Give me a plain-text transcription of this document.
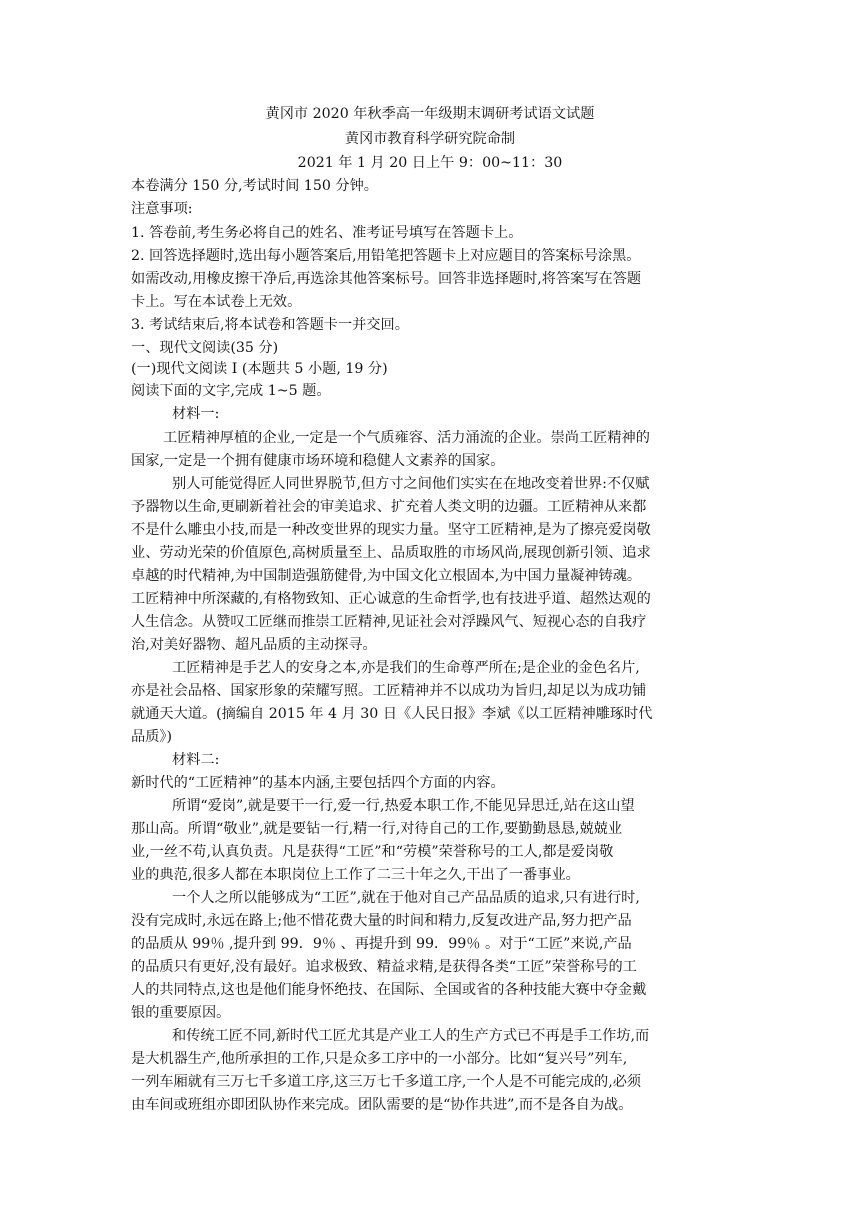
黄冈市 2020 年秋季高一年级期末调研考试语文试题
黄冈市教育科学研究院命制
2021 年 1 月 20 日上午 9：00~11：30
本卷满分 150 分,考试时间 150 分钟。
注意事项:
1. 答卷前,考生务必将自己的姓名、准考证号填写在答题卡上。
2. 回答选择题时,选出每小题答案后,用铅笔把答题卡上对应题目的答案标号涂黑。
如需改动,用橡皮擦干净后,再选涂其他答案标号。回答非选择题时,将答案写在答题
卡上。写在本试卷上无效。
3. 考试结束后,将本试卷和答题卡一并交回。
一、现代文阅读(35 分)
(一)现代文阅读 Ⅰ (本题共 5 小题, 19 分)
阅读下面的文字,完成 1~5 题。
材料一:
工匠精神厚植的企业,一定是一个气质雍容、活力涌流的企业。崇尚工匠精神的
国家,一定是一个拥有健康市场环境和稳健人文素养的国家。
别人可能觉得匠人同世界脱节,但方寸之间他们实实在在地改变着世界:不仅赋
予器物以生命,更刷新着社会的审美追求、扩充着人类文明的边疆。工匠精神从来都
不是什么雕虫小技,而是一种改变世界的现实力量。坚守工匠精神,是为了擦亮爱岗敬
业、劳动光荣的价值原色,高树质量至上、品质取胜的市场风尚,展现创新引领、追求
卓越的时代精神,为中国制造强筋健骨,为中国文化立根固本,为中国力量凝神铸魂。
工匠精神中所深藏的,有格物致知、正心诚意的生命哲学,也有技进乎道、超然达观的
人生信念。从赞叹工匠继而推崇工匠精神,见证社会对浮躁风气、短视心态的自我疗
治,对美好器物、超凡品质的主动探寻。
工匠精神是手艺人的安身之本,亦是我们的生命尊严所在;是企业的金色名片,
亦是社会品格、国家形象的荣耀写照。工匠精神并不以成功为旨归,却足以为成功铺
就通天大道。(摘编自 2015 年 4 月 30 日《人民日报》李斌《以工匠精神雕琢时代
品质》)
材料二:
新时代的“工匠精神”的基本内涵,主要包括四个方面的内容。
所谓“爱岗”,就是要干一行,爱一行,热爱本职工作,不能见异思迁,站在这山望
那山高。所谓“敬业”,就是要钻一行,精一行,对待自己的工作,要勤勤恳恳,兢兢业
业,一丝不苟,认真负责。凡是获得“工匠”和“劳模”荣誉称号的工人,都是爱岗敬
业的典范,很多人都在本职岗位上工作了二三十年之久,干出了一番事业。
一个人之所以能够成为“工匠”,就在于他对自己产品品质的追求,只有进行时,
没有完成时,永远在路上;他不惜花费大量的时间和精力,反复改进产品,努力把产品
的品质从 99％ ,提升到 99．9％ 、再提升到 99．99％ 。对于“工匠”来说,产品
的品质只有更好,没有最好。追求极致、精益求精,是获得各类“工匠”荣誉称号的工
人的共同特点,这也是他们能身怀绝技、在国际、全国或省的各种技能大赛中夺金戴
银的重要原因。
和传统工匠不同,新时代工匠尤其是产业工人的生产方式已不再是手工作坊,而
是大机器生产,他所承担的工作,只是众多工序中的一小部分。比如“复兴号”列车,
一列车厢就有三万七千多道工序,这三万七千多道工序,一个人是不可能完成的,必须
由车间或班组亦即团队协作来完成。团队需要的是“协作共进”,而不是各自为战。
